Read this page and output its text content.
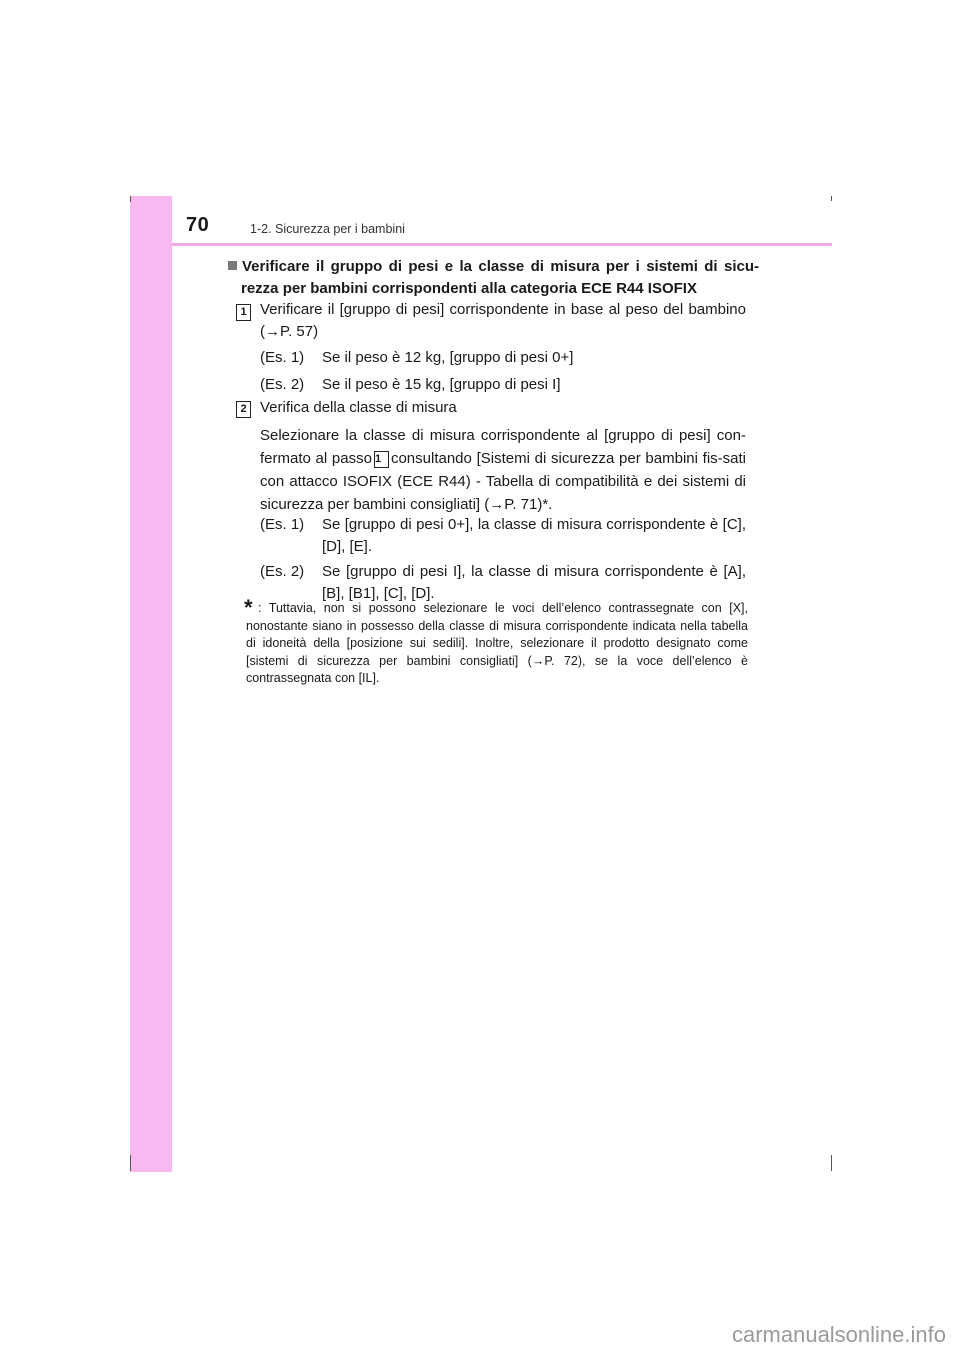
70	1-2. Sicurezza per i bambini
Verificare il gruppo di pesi e la classe di misura per i sistemi di sicu-rezza per bambini corrispondenti alla categoria ECE R44 ISOFIX
1 Verificare il [gruppo di pesi] corrispondente in base al peso del bambino (→P. 57)
(Es. 1) Se il peso è 12 kg, [gruppo di pesi 0+]
(Es. 2) Se il peso è 15 kg, [gruppo di pesi I]
2 Verifica della classe di misura
Selezionare la classe di misura corrispondente al [gruppo di pesi] con-fermato al passo 1 consultando [Sistemi di sicurezza per bambini fis-sati con attacco ISOFIX (ECE R44) - Tabella di compatibilità e dei sistemi di sicurezza per bambini consigliati] (→P. 71)*.
(Es. 1) Se [gruppo di pesi 0+], la classe di misura corrispondente è [C], [D], [E].
(Es. 2) Se [gruppo di pesi I], la classe di misura corrispondente è [A], [B], [B1], [C], [D].
* : Tuttavia, non si possono selezionare le voci dell’elenco contrassegnate con [X], nonostante siano in possesso della classe di misura corrispondente indicata nella tabella di idoneità della [posizione sui sedili]. Inoltre, selezionare il prodotto designato come [sistemi di sicurezza per bambini consigliati] (→P. 72), se la voce dell’elenco è contrassegnata con [IL].
carmanualsonline.info
